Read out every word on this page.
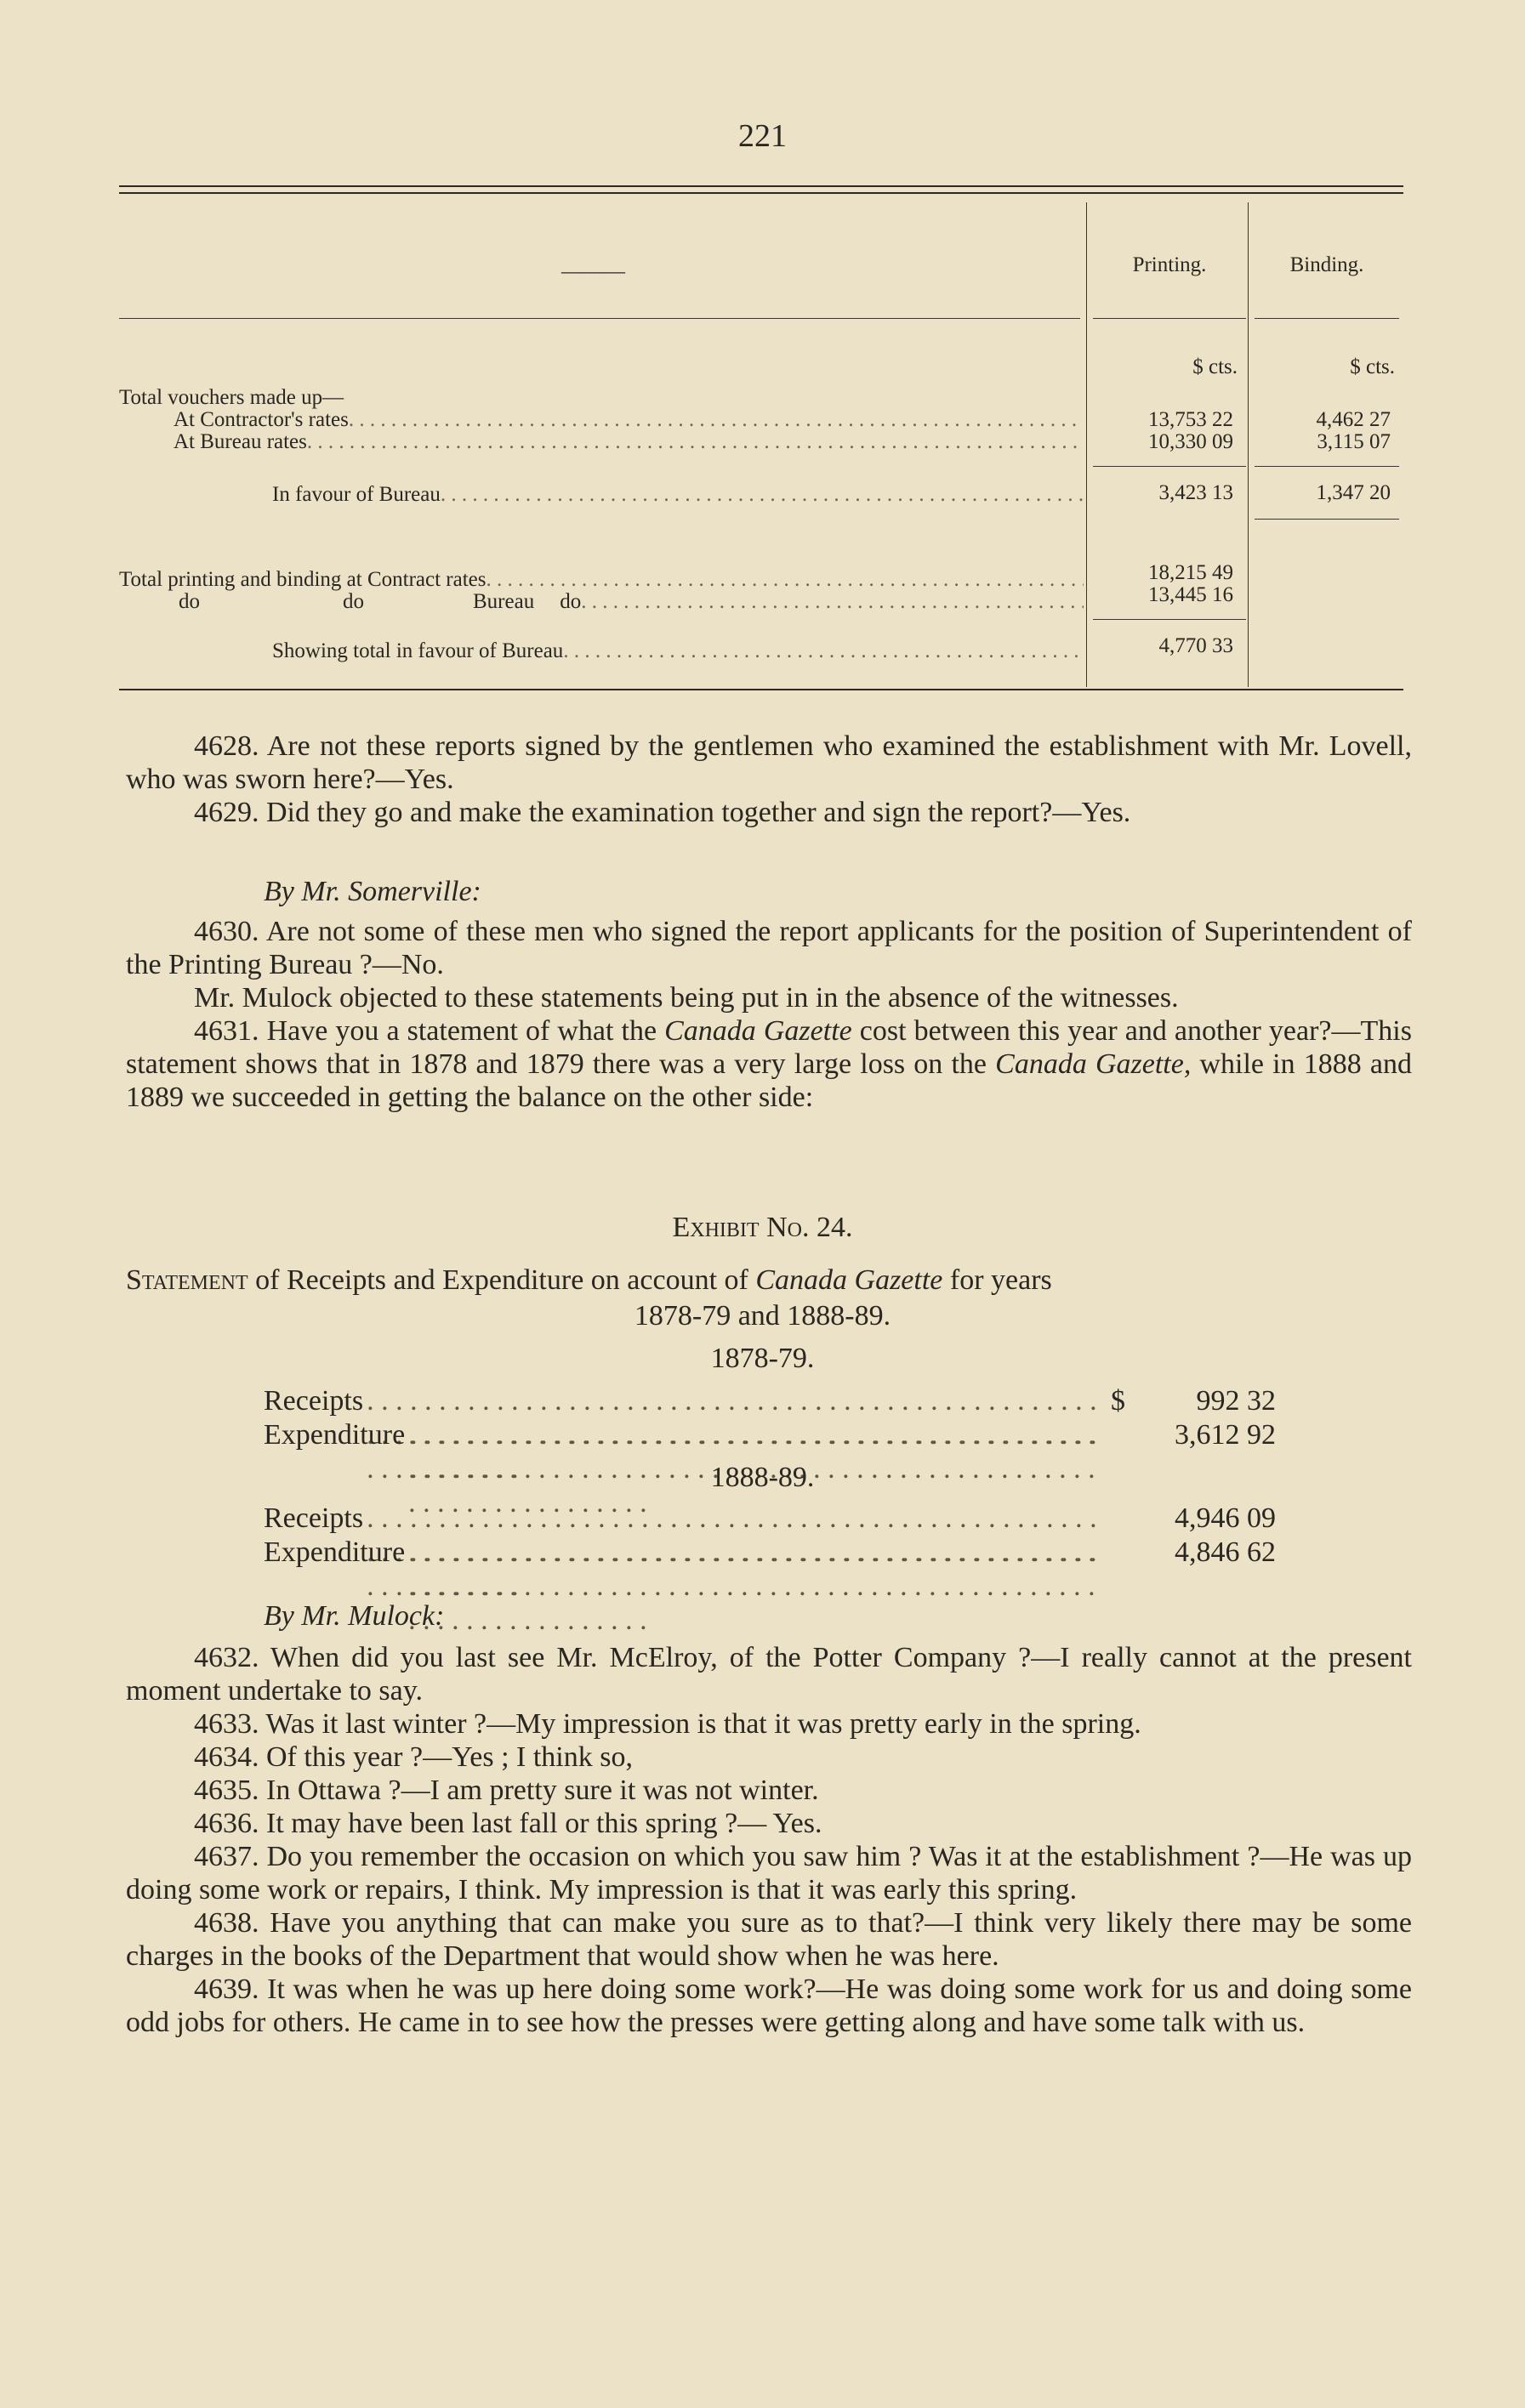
221
———	Printing.	Binding.
$ cts.	$ cts.
Total vouchers made up—
At Contractor's rates . . .	13,753 22	4,462 27
At Bureau rates . . .	10,330 09	3,115 07
In favour of Bureau . . .	3,423 13	1,347 20
Total printing and binding at Contract rates . . .	18,215 49
do	do	Bureau do . . .	13,445 16
Showing total in favour of Bureau . . .	4,770 33

4628. Are not these reports signed by the gentlemen who examined the establishment with Mr. Lovell, who was sworn here?—Yes.

4629. Did they go and make the examination together and sign the report?—Yes.

By Mr. Somerville:

4630. Are not some of these men who signed the report applicants for the position of Superintendent of the Printing Bureau ?—No.

Mr. Mulock objected to these statements being put in in the absence of the witnesses.

4631. Have you a statement of what the Canada Gazette cost between this year and another year?—This statement shows that in 1878 and 1879 there was a very large loss on the Canada Gazette, while in 1888 and 1889 we succeeded in getting the balance on the other side:

Exhibit No. 24.

Statement of Receipts and Expenditure on account of Canada Gazette for years

1878-79 and 1888-89.
1878-79.
Receipts . . .	$	992 32
Expenditure . . .	3,612 92
1888-89.
Receipts . . .	4,946 09
Expenditure . . .	4,846 62
By Mr. Mulock:

4632. When did you last see Mr. McElroy, of the Potter Company ?—I really cannot at the present moment undertake to say.

4633. Was it last winter ?—My impression is that it was pretty early in the spring.

4634. Of this year ?—Yes ; I think so,

4635. In Ottawa ?—I am pretty sure it was not winter.

4636. It may have been last fall or this spring ?— Yes.

4637. Do you remember the occasion on which you saw him ? Was it at the establishment ?—He was up doing some work or repairs, I think. My impression is that it was early this spring.

4638. Have you anything that can make you sure as to that?—I think very likely there may be some charges in the books of the Department that would show when he was here.

4639. It was when he was up here doing some work?—He was doing some work for us and doing some odd jobs for others. He came in to see how the presses were getting along and have some talk with us.
